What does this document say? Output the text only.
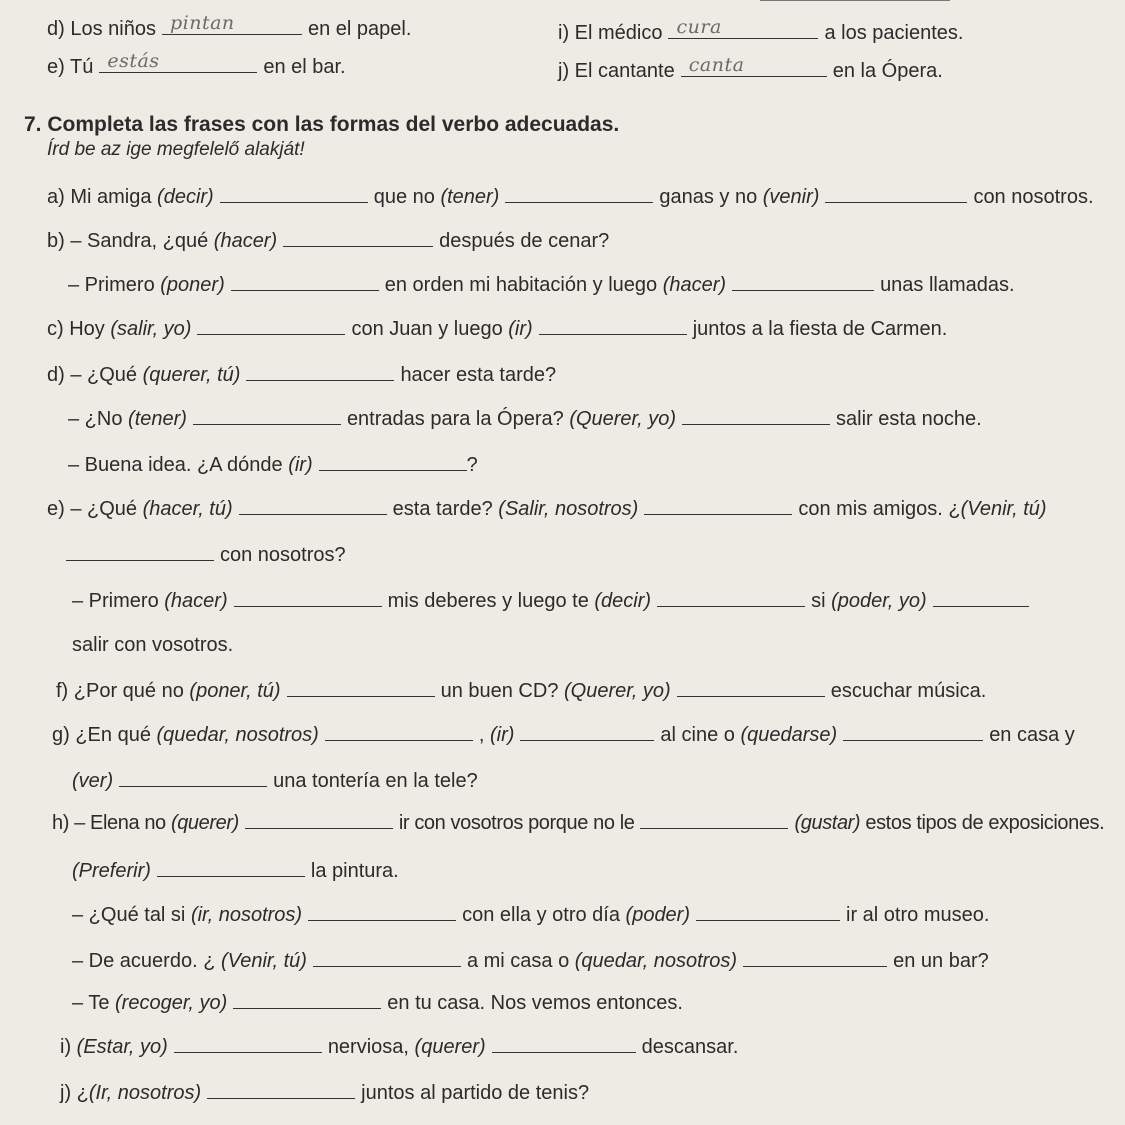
d) Los niños pintan	en el papel.
e) Tú estás	en el bar.
i) El médico cura	a los pacientes.
j) El cantante canta	en la Ópera.
7. Completa las frases con las formas del verbo adecuadas.
Írd be az ige megfelelő alakját!
a) Mi amiga (decir)	que no (tener)	ganas y no (venir)	con nosotros.
b) – Sandra, ¿qué (hacer)	después de cenar?
– Primero (poner)	en orden mi habitación y luego (hacer)	unas llamadas.
c) Hoy (salir, yo)	con Juan y luego (ir)	juntos a la fiesta de Carmen.
d) – ¿Qué (querer, tú)	hacer esta tarde?
– ¿No (tener)	entradas para la Ópera? (Querer, yo)	salir esta noche.
– Buena idea. ¿A dónde (ir)	?
e) – ¿Qué (hacer, tú)	esta tarde? (Salir, nosotros)	con mis amigos. ¿(Venir, tú)
con nosotros?
– Primero (hacer)	mis deberes y luego te (decir)	si (poder, yo)
salir con vosotros.
f) ¿Por qué no (poner, tú)	un buen CD? (Querer, yo)	escuchar música.
g) ¿En qué (quedar, nosotros)	, (ir)	al cine o (quedarse)	en casa y
(ver)	una tontería en la tele?
h) – Elena no (querer)	ir con vosotros porque no le	(gustar) estos tipos de exposiciones.
(Preferir)	la pintura.
– ¿Qué tal si (ir, nosotros)	con ella y otro día (poder)	ir al otro museo.
– De acuerdo. ¿ (Venir, tú)	a mi casa o (quedar, nosotros)	en un bar?
– Te (recoger, yo)	en tu casa. Nos vemos entonces.
i) (Estar, yo)	nerviosa, (querer)	descansar.
j) ¿(Ir, nosotros)	juntos al partido de tenis?
